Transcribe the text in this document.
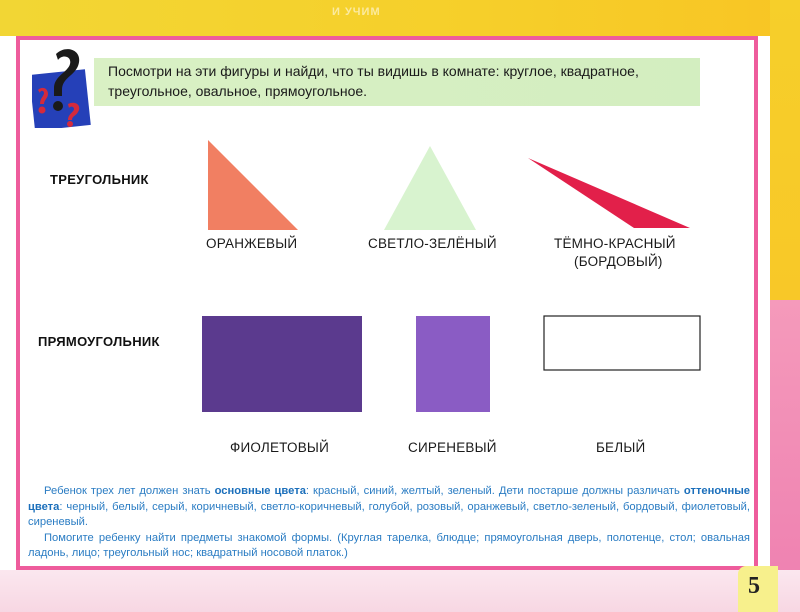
И УЧИМ

Посмотри на эти фигуры и найди, что ты видишь в комнате: круглое, квадратное, треугольное, овальное, прямоугольное.

ТРЕУГОЛЬНИК
ПРЯМОУГОЛЬНИК
ОРАНЖЕВЫЙ	СВЕТЛО-ЗЕЛЁНЫЙ	ТЁМНО-КРАСНЫЙ
(БОРДОВЫЙ)
ФИОЛЕТОВЫЙ	СИРЕНЕВЫЙ	БЕЛЫЙ

Ребенок трех лет должен знать основные цвета: красный, синий, желтый, зеленый. Дети постарше должны различать оттеночные цвета: черный, белый, серый, коричневый, светло-коричневый, голубой, розовый, оранжевый, светло-зеленый, бордовый, фиолетовый, сиреневый.

Помогите ребенку найти предметы знакомой формы. (Круглая тарелка, блюдце; прямоугольная дверь, полотенце, стол; овальная ладонь, лицо; треугольный нос; квадратный носовой платок.)

5
